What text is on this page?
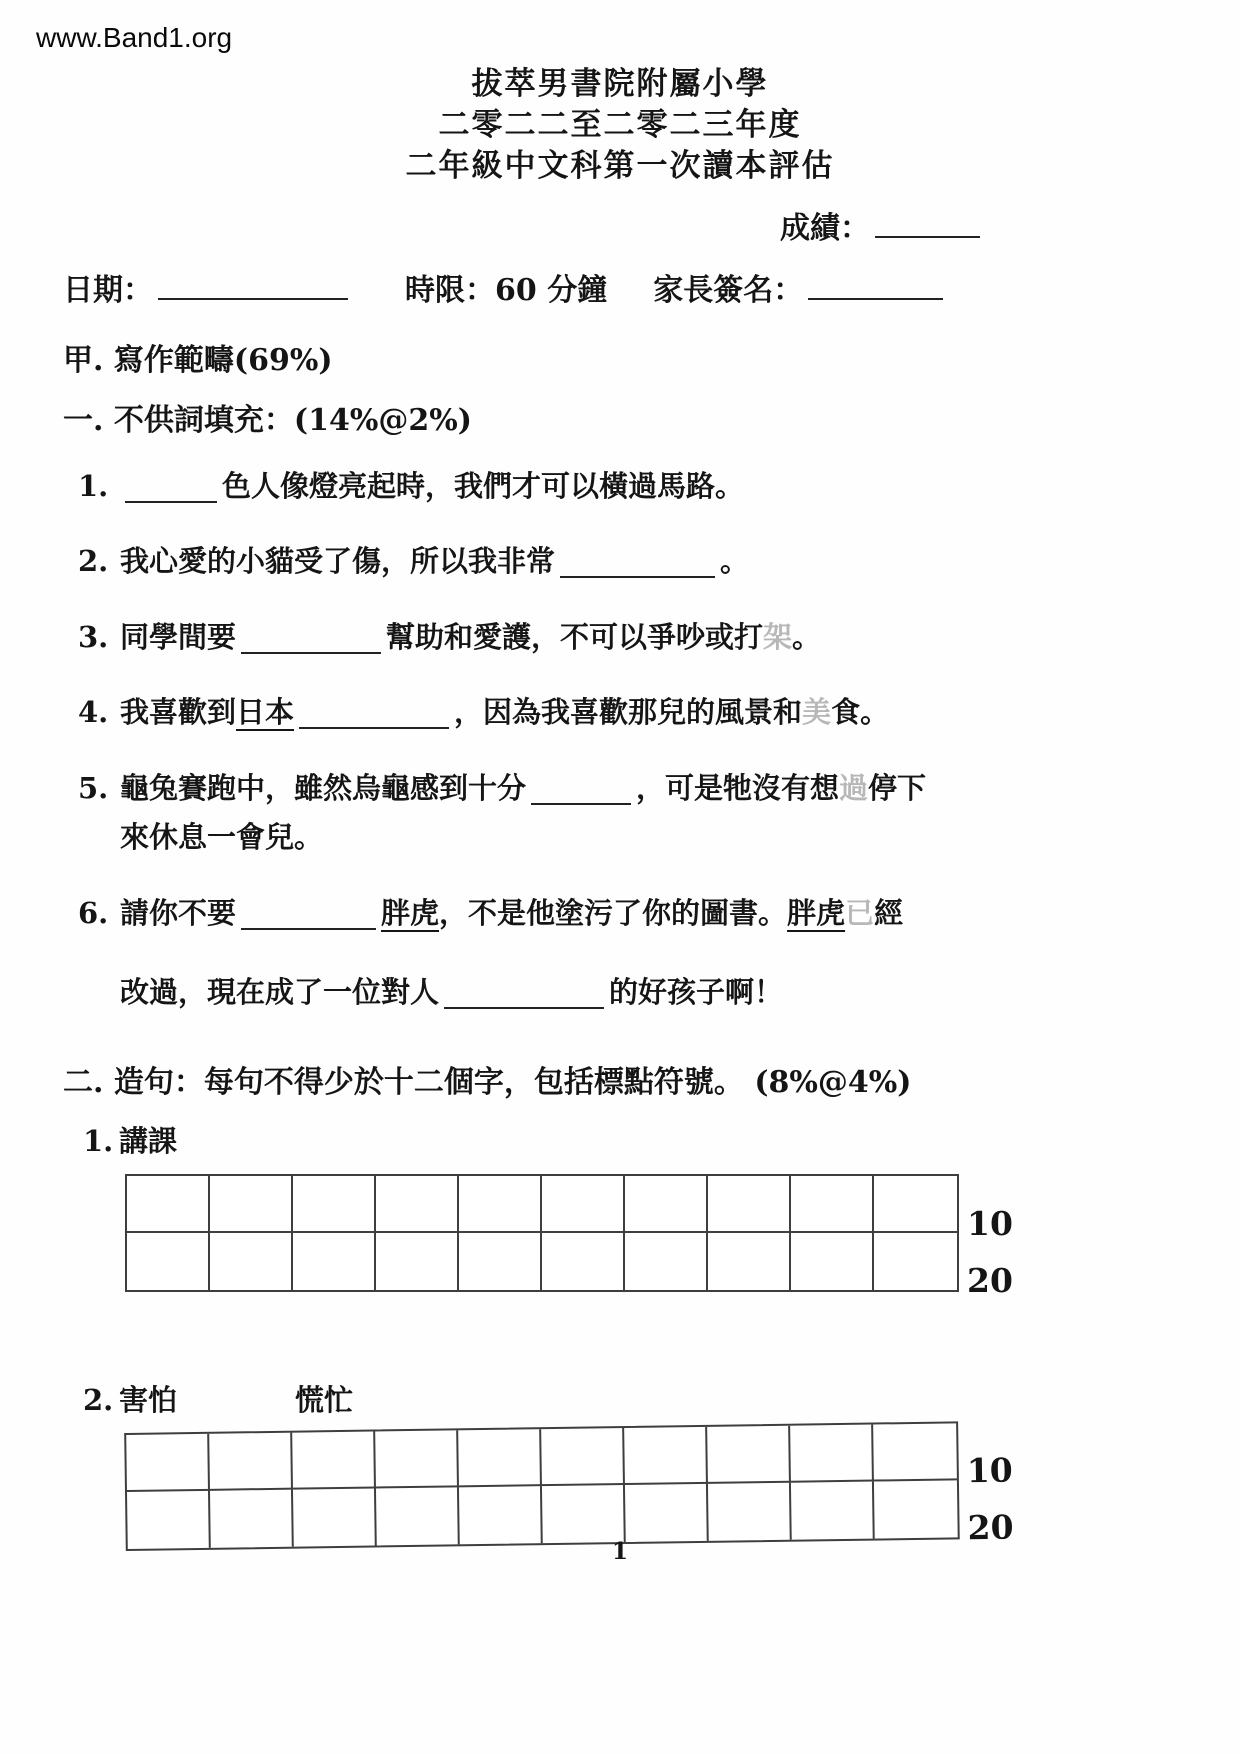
www.Band1.org
拔萃男書院附屬小學
二零二二至二零二三年度
二年級中文科第一次讀本評估
成績：
日期：	時限：60 分鐘 家長簽名：
甲. 寫作範疇(69%)
一. 不供詞填充：(14%@2%)
1.	色人像燈亮起時，我們才可以橫過馬路。
2. 我心愛的小貓受了傷，所以我非常	。
3. 同學間要	幫助和愛護，不可以爭吵或打架。
4. 我喜歡到日本	，因為我喜歡那兒的風景和美食。
5. 龜兔賽跑中，雖然烏龜感到十分	，可是牠沒有想過停下
來休息一會兒。
6. 請你不要	胖虎，不是他塗污了你的圖書。胖虎已經
改過，現在成了一位對人	的好孩子啊！
二. 造句：每句不得少於十二個字，包括標點符號。 (8%@4%)
1. 講課
10
20
2. 害怕	慌忙
10
20
1
